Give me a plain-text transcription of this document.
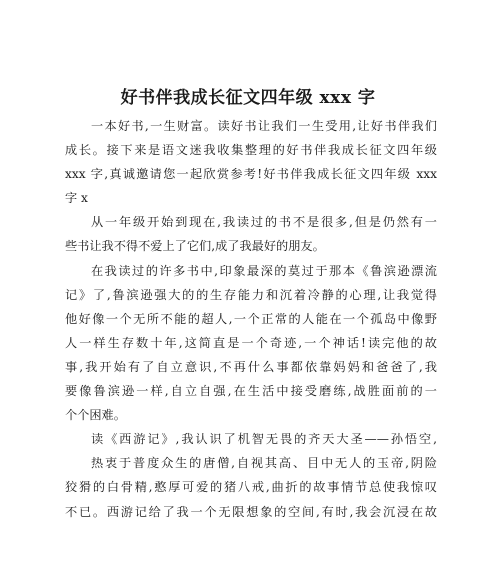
好书伴我成长征文四年级 xxx 字
一本好书,一生财富。读好书让我们一生受用,让好书伴我们
成长。接下来是语文迷我收集整理的好书伴我成长征文四年级
xxx 字,真诚邀请您一起欣赏参考!好书伴我成长征文四年级 xxx
字 x
从一年级开始到现在,我读过的书不是很多,但是仍然有一
些书让我不得不爱上了它们,成了我最好的朋友。
在我读过的许多书中,印象最深的莫过于那本《鲁滨逊漂流
记》了,鲁滨逊强大的的生存能力和沉着冷静的心理,让我觉得
他好像一个无所不能的超人,一个正常的人能在一个孤岛中像野
人一样生存数十年,这简直是一个奇迹,一个神话!读完他的故
事,我开始有了自立意识,不再什么事都依靠妈妈和爸爸了,我
要像鲁滨逊一样,自立自强,在生活中接受磨练,战胜面前的一
个个困难。
读《西游记》,我认识了机智无畏的齐天大圣——孙悟空,
热衷于普度众生的唐僧,自视其高、目中无人的玉帝,阴险
狡猾的白骨精,憨厚可爱的猪八戒,曲折的故事情节总使我惊叹
不已。西游记给了我一个无限想象的空间,有时,我会沉浸在故
